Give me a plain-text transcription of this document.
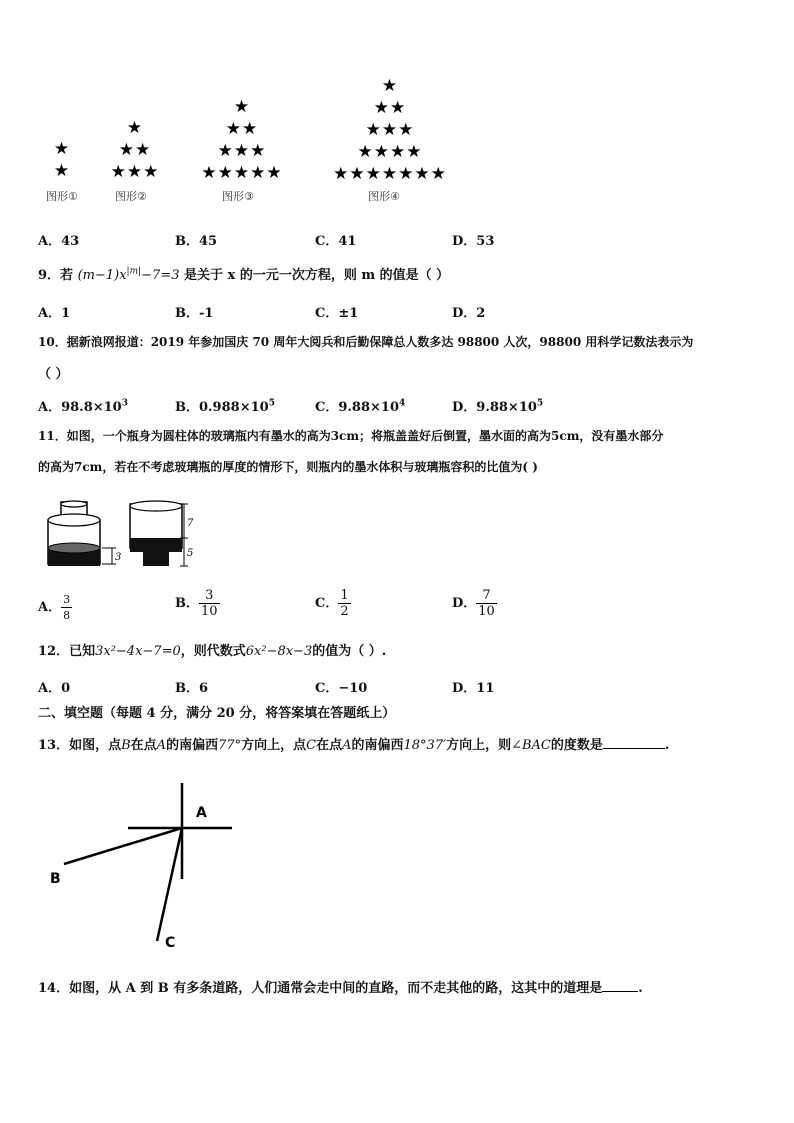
★
★
图形①
★
★★
★★★
图形②
★
★★
★★★
★★★★★
图形③
★
★★
★★★
★★★★
★★★★★★★
图形④
A．43	B．45	C．41	D．53
9．若 $(m-1)x^{|m|}-7=3$ 是关于 x 的一元一次方程，则 m 的值是（ ）
A．1	B．-1	C．±1	D．2
10．据新浪网报道：2019 年参加国庆 70 周年大阅兵和后勤保障总人数多达 98800 人次，98800 用科学记数法表示为
（ ）
A．$98.8\times 10^3$	B．$0.988\times 10^5$	C．$9.88\times 10^4$	D．$9.88\times 10^5$
11．如图，一个瓶身为圆柱体的玻璃瓶内有墨水的高为3cm；将瓶盖盖好后倒置，墨水面的高为5cm，没有墨水部分
的高为7cm，若在不考虑玻璃瓶的厚度的情形下，则瓶内的墨水体积与玻璃瓶容积的比值为( )
3
7
5
A． $\frac{3}{8}$	B． $\frac{3}{10}$	C． $\frac{1}{2}$	D． $\frac{7}{10}$
12．已知3x²−4x−7=0，则代数式6x²−8x−3的值为（ ）.
A．0	B．6	C．−10	D．11
二、填空题（每题 4 分，满分 20 分，将答案填在答题纸上）
13．如图，点B在点A的南偏西77°方向上，点C在点A的南偏西18°37′方向上，则∠BAC的度数是	.
A
B
C
14．如图，从 A 到 B 有多条道路，人们通常会走中间的直路，而不走其他的路，这其中的道理是	.
